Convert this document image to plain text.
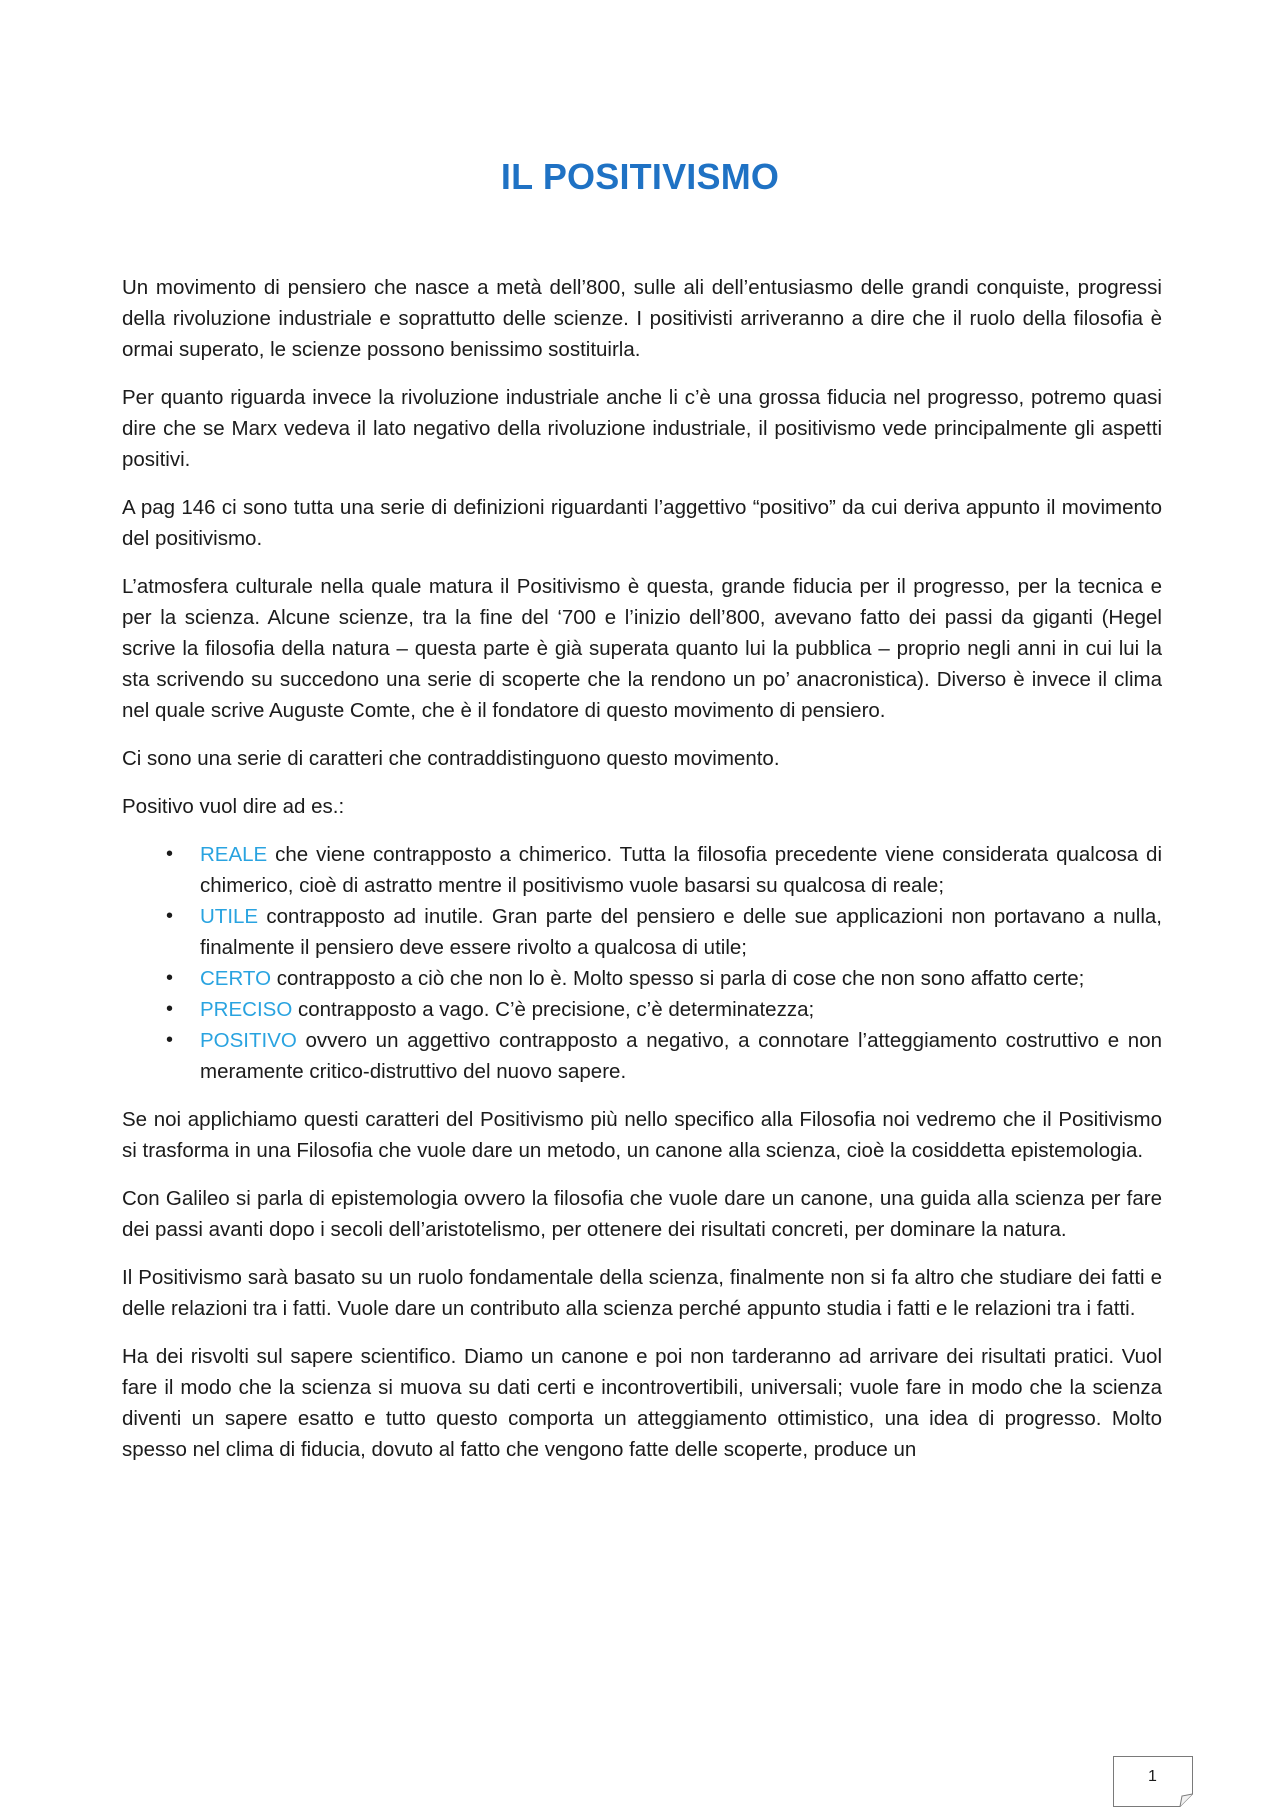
IL POSITIVISMO

Un movimento di pensiero che nasce a metà dell’800, sulle ali dell’entusiasmo delle grandi conquiste, progressi della rivoluzione industriale e soprattutto delle scienze. I positivisti arriveranno a dire che il ruolo della filosofia è ormai superato, le scienze possono benissimo sostituirla.

Per quanto riguarda invece la rivoluzione industriale anche li c’è una grossa fiducia nel progresso, potremo quasi dire che se Marx vedeva il lato negativo della rivoluzione industriale, il positivismo vede principalmente gli aspetti positivi.

A pag 146 ci sono tutta una serie di definizioni riguardanti l’aggettivo “positivo” da cui deriva appunto il movimento del positivismo.

L’atmosfera culturale nella quale matura il Positivismo è questa, grande fiducia per il progresso, per la tecnica e per la scienza. Alcune scienze, tra la fine del ‘700 e l’inizio dell’800, avevano fatto dei passi da giganti (Hegel scrive la filosofia della natura – questa parte è già superata quanto lui la pubblica – proprio negli anni in cui lui la sta scrivendo su succedono una serie di scoperte che la rendono un po’ anacronistica). Diverso è invece il clima nel quale scrive Auguste Comte, che è il fondatore di questo movimento di pensiero.

Ci sono una serie di caratteri che contraddistinguono questo movimento.

Positivo vuol dire ad es.:

• REALE che viene contrapposto a chimerico. Tutta la filosofia precedente viene considerata qualcosa di chimerico, cioè di astratto mentre il positivismo vuole basarsi su qualcosa di reale;
• UTILE contrapposto ad inutile. Gran parte del pensiero e delle sue applicazioni non portavano a nulla, finalmente il pensiero deve essere rivolto a qualcosa di utile;
• CERTO contrapposto a ciò che non lo è. Molto spesso si parla di cose che non sono affatto certe;
• PRECISO contrapposto a vago. C’è precisione, c’è determinatezza;
• POSITIVO ovvero un aggettivo contrapposto a negativo, a connotare l’atteggiamento costruttivo e non meramente critico-distruttivo del nuovo sapere.

Se noi applichiamo questi caratteri del Positivismo più nello specifico alla Filosofia noi vedremo che il Positivismo si trasforma in una Filosofia che vuole dare un metodo, un canone alla scienza, cioè la cosiddetta epistemologia.

Con Galileo si parla di epistemologia ovvero la filosofia che vuole dare un canone, una guida alla scienza per fare dei passi avanti dopo i secoli dell’aristotelismo, per ottenere dei risultati concreti, per dominare la natura.

Il Positivismo sarà basato su un ruolo fondamentale della scienza, finalmente non si fa altro che studiare dei fatti e delle relazioni tra i fatti. Vuole dare un contributo alla scienza perché appunto studia i fatti e le relazioni tra i fatti.

Ha dei risvolti sul sapere scientifico. Diamo un canone e poi non tarderanno ad arrivare dei risultati pratici. Vuol fare il modo che la scienza si muova su dati certi e incontrovertibili, universali; vuole fare in modo che la scienza diventi un sapere esatto e tutto questo comporta un atteggiamento ottimistico, una idea di progresso. Molto spesso nel clima di fiducia, dovuto al fatto che vengono fatte delle scoperte, produce un

1
